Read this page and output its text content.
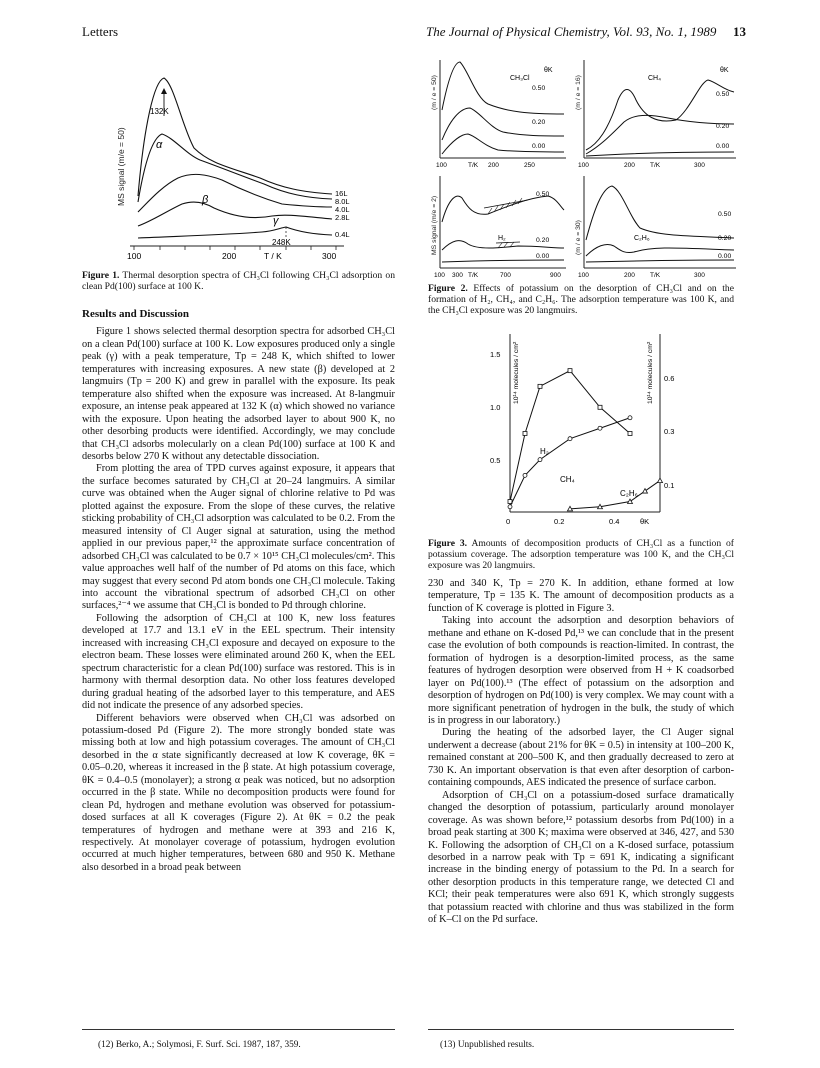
Letters	The Journal of Physical Chemistry, Vol. 93, No. 1, 1989 13
MS signal (m/e = 50)
100	200	T / K	300
132K
α
β
γ
248K
16L
8.0L
4.0L
2.8L
0.4L
Figure 1. Thermal desorption spectra of CH₃Cl following CH₃Cl adsorption on clean Pd(100) surface at 100 K.
Results and Discussion

Figure 1 shows selected thermal desorption spectra for adsorbed CH₃Cl on a clean Pd(100) surface at 100 K. Low exposures produced only a single peak (γ) with a peak temperature, Tp = 248 K, which shifted to lower temperatures with increasing exposures. A new state (β) developed at 2 langmuirs (Tp = 200 K) and grew in parallel with the exposure. Its peak temperature also shifted when the exposure was increased. At 8-langmuir exposure, an intense peak appeared at 132 K (α) which showed no variance with the exposure. Upon heating the adsorbed layer to about 900 K, no other desorbing products were identified. Accordingly, we may conclude that CH₃Cl adsorbs molecularly on a clean Pd(100) surface at 100 K and desorbs below 270 K without any detectable dissociation.

From plotting the area of TPD curves against exposure, it appears that the surface becomes saturated by CH₃Cl at 20–24 langmuirs. A similar curve was obtained when the Auger signal of chlorine relative to Pd was plotted against the exposure. From the slope of these curves, the relative sticking probability of CH₃Cl adsorption was calculated to be 0.2. From the measured intensity of Cl Auger signal at saturation, using the method applied in our previous paper,¹² the approximate surface concentration of adsorbed CH₃Cl was calculated to be 0.7 × 10¹⁵ CH₃Cl molecules/cm². This value approaches well half of the number of Pd atoms on this face, which may suggest that every second Pd atom bonds one CH₃Cl molecule. Taking into account the vibrational spectrum of adsorbed CH₃Cl on other surfaces,²⁻⁴ we assume that CH₃Cl is bonded to Pd through chlorine.

Following the adsorption of CH₃Cl at 100 K, new loss features developed at 17.7 and 13.1 eV in the EEL spectrum. Their intensity increased with increasing CH₃Cl exposure and decayed on exposure to the electron beam. These losses were eliminated around 260 K, when the EEL spectrum characteristic for a clean Pd(100) surface was restored. This is in harmony with thermal desorption data. No other loss features developed during gradual heating of the adsorbed layer to this temperature, and AES did not indicate the presence of any adsorbed species.

Different behaviors were observed when CH₃Cl was adsorbed on potassium-dosed Pd (Figure 2). The more strongly bonded state was missing both at low and high potassium coverages. The amount of CH₃Cl desorbed in the α state significantly decreased at low K coverage, θK = 0.05–0.20, whereas it increased in the β state. At high potassium coverage, θK = 0.4–0.5 (monolayer); a strong α peak was noticed, but no adsorption occurred in the β state. While no decomposition products were found for clean Pd, hydrogen and methane evolution was observed for potassium-dosed surfaces at all K coverages (Figure 2). At θK = 0.2 the peak temperatures of hydrogen and methane were at 393 and 216 K, respectively. At monolayer coverage of potassium, hydrogen evolution occurred at much higher temperatures, between 680 and 950 K. Methane also desorbed in a broad peak between

(m / e = 50)	(m / e = 16)
MS signal (m/e = 2)	(m / e = 30)
CH₃Cl
θK
0.50
0.20
0.00
100	T/K 200	250
CH₄
θK
0.50
0.20
0.00
100	200 T/K	300
H₂
0.50
0.20
0.00
100 300 T/K	700	900
C₂H₆
0.50
0.20
0.00
100	200 T/K	300
Figure 2. Effects of potassium on the desorption of CH₃Cl and on the formation of H₂, CH₄, and C₂H₆. The adsorption temperature was 100 K, and the CH₃Cl exposure was 20 langmuirs.
10¹⁴ molecules / cm²	10¹⁴ molecules / cm²
1.5
1.0
0.5
0.6
0.3
0.1
0	0.2	0.4	θK
H₂
CH₄
C₂H₆
Figure 3. Amounts of decomposition products of CH₃Cl as a function of potassium coverage. The adsorption temperature was 100 K, and the CH₃Cl exposure was 20 langmuirs.

230 and 340 K, Tp = 270 K. In addition, ethane formed at low temperature, Tp = 135 K. The amount of decomposition products as a function of K coverage is plotted in Figure 3.

Taking into account the adsorption and desorption behaviors of methane and ethane on K-dosed Pd,¹³ we can conclude that in the present case the evolution of both compounds is reaction-limited. In contrast, the formation of hydrogen is a desorption-limited process, as the same features of hydrogen desorption were observed from H + K coadsorbed layer on Pd(100).¹³ (The effect of potassium on the adsorption and desorption of hydrogen on Pd(100) is very complex. We may count with a more significant penetration of hydrogen in the bulk, the study of which is in progress in our laboratory.)

During the heating of the adsorbed layer, the Cl Auger signal underwent a decrease (about 21% for θK = 0.5) in intensity at 100–200 K, remained constant at 200–500 K, and then gradually decreased to zero at 730 K. An important observation is that even after desorption of carbon-containing compounds, AES indicated the presence of surface carbon.

Adsorption of CH₃Cl on a potassium-dosed surface dramatically changed the desorption of potassium, particularly around monolayer coverage. As was shown before,¹² potassium desorbs from Pd(100) in a broad peak starting at 300 K; maxima were observed at 346, 427, and 530 K. Following the adsorption of CH₃Cl on a K-dosed surface, potassium desorbed in a narrow peak with Tp = 691 K, indicating a significant increase in the binding energy of potassium to the Pd. In a search for other desorption products in this temperature range, we detected Cl and KCl; their peak temperatures were also 691 K, which strongly suggests that potassium reacted with chlorine and thus was stabilized in the form of K–Cl on the Pd surface.

(12) Berko, A.; Solymosi, F. Surf. Sci. 1987, 187, 359.	(13) Unpublished results.
